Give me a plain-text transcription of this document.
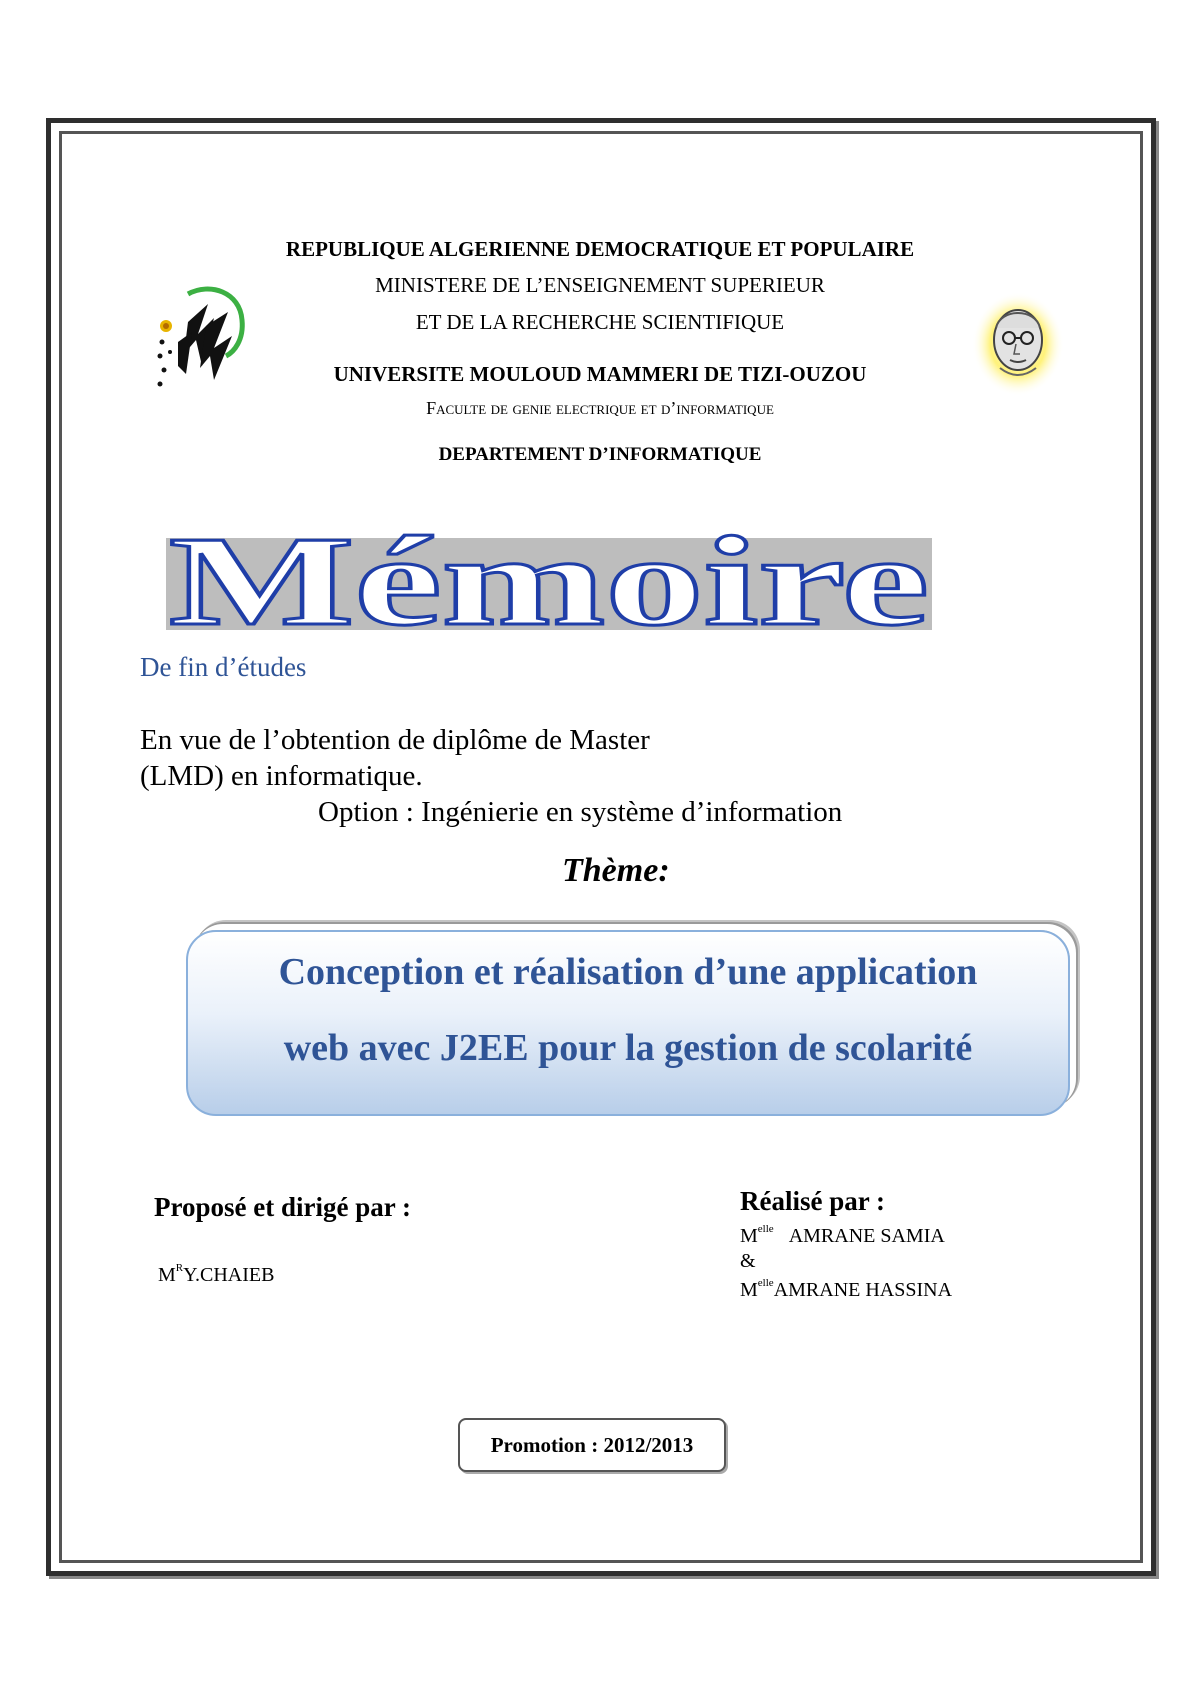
REPUBLIQUE ALGERIENNE DEMOCRATIQUE ET POPULAIRE
MINISTERE DE L’ENSEIGNEMENT SUPERIEUR
ET DE LA RECHERCHE SCIENTIFIQUE
UNIVERSITE MOULOUD MAMMERI DE TIZI-OUZOU
Faculte de genie electrique et d’informatique
DEPARTEMENT D’INFORMATIQUE
Mémoire
De fin d’études
En vue de l’obtention de diplôme de Master
(LMD) en informatique.
Option : Ingénierie en système d’information
Thème:
Conception et réalisation d’une application
web avec J2EE pour la gestion de scolarité
Proposé et dirigé par :
$M^RY.CHAIEB$
Réalisé par :
$M^{elle}$ AMRANE SAMIA
&
$M^{elle}AMRANE$ HASSINA
Promotion : 2012/2013
